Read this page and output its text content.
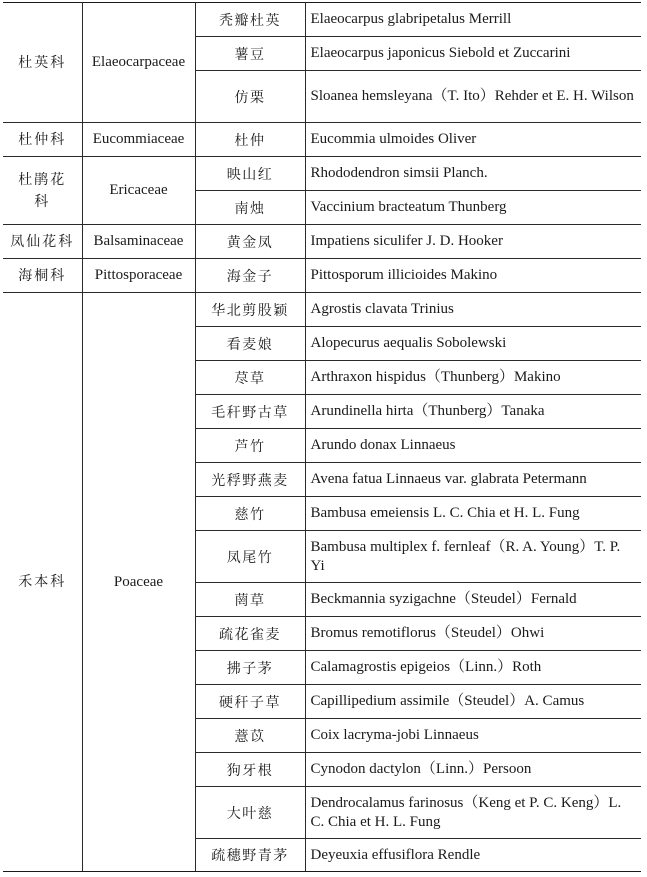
杜英科	Elaeocarpaceae	秃瓣杜英	Elaeocarpus glabripetalus Merrill
		薯豆	Elaeocarpus japonicus Siebold et Zuccarini
		仿栗	Sloanea hemsleyana（T. Ito）Rehder et E. H. Wilson
杜仲科	Eucommiaceae	杜仲	Eucommia ulmoides Oliver
杜鹃花科	Ericaceae	映山红	Rhododendron simsii Planch.
		南烛	Vaccinium bracteatum Thunberg
凤仙花科	Balsaminaceae	黄金凤	Impatiens siculifer J. D. Hooker
海桐科	Pittosporaceae	海金子	Pittosporum illicioides Makino
禾本科	Poaceae	华北剪股颖	Agrostis clavata Trinius
		看麦娘	Alopecurus aequalis Sobolewski
		荩草	Arthraxon hispidus（Thunberg）Makino
		毛秆野古草	Arundinella hirta（Thunberg）Tanaka
		芦竹	Arundo donax Linnaeus
		光稃野燕麦	Avena fatua Linnaeus var. glabrata Petermann
		慈竹	Bambusa emeiensis L. C. Chia et H. L. Fung
		凤尾竹	Bambusa multiplex f. fernleaf（R. A. Young）T. P. Yi
		菵草	Beckmannia syzigachne（Steudel）Fernald
		疏花雀麦	Bromus remotiflorus（Steudel）Ohwi
		拂子茅	Calamagrostis epigeios（Linn.）Roth
		硬秆子草	Capillipedium assimile（Steudel）A. Camus
		薏苡	Coix lacryma-jobi Linnaeus
		狗牙根	Cynodon dactylon（Linn.）Persoon
		大叶慈	Dendrocalamus farinosus（Keng et P. C. Keng）L. C. Chia et H. L. Fung
		疏穗野青茅	Deyeuxia effusiflora Rendle
